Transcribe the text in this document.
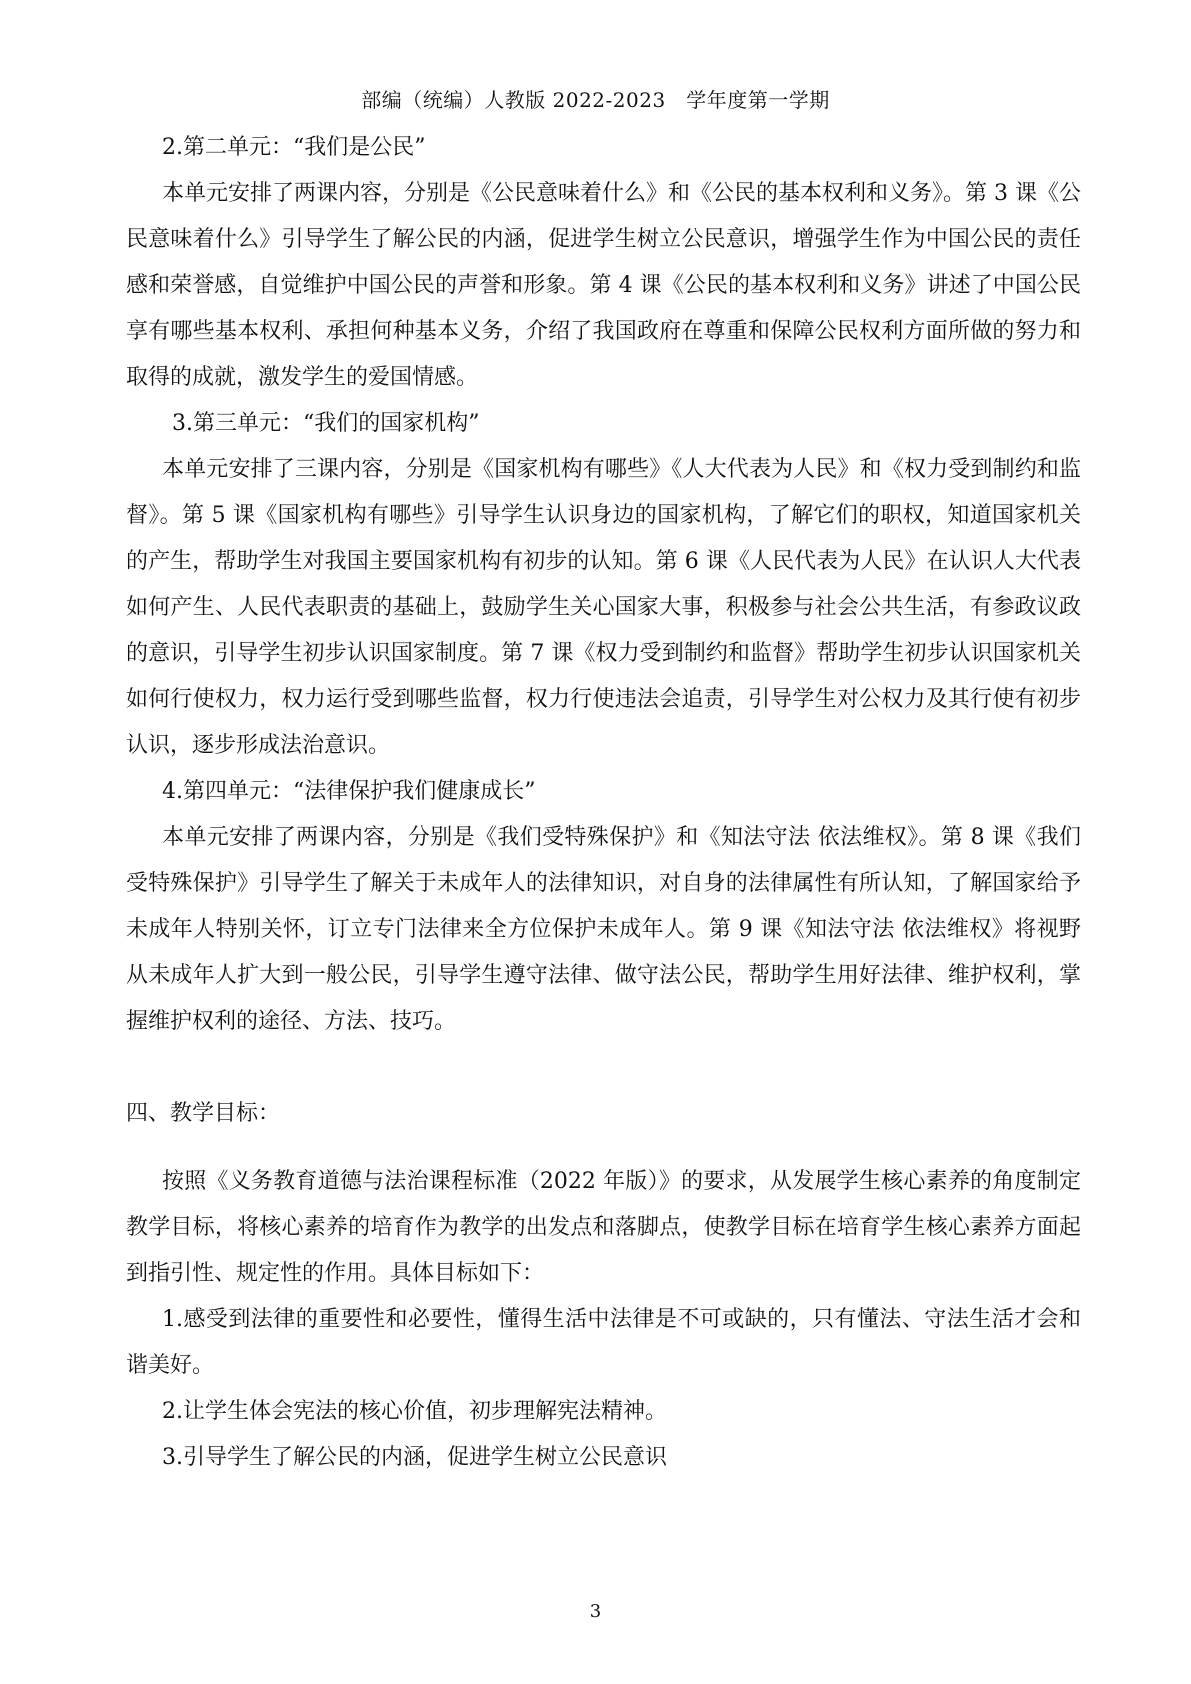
部编（统编）人教版 2022-2023　学年度第一学期

2.第二单元：“我们是公民”

本单元安排了两课内容，分别是《公民意味着什么》和《公民的基本权利和义务》。第 3 课《公民意味着什么》引导学生了解公民的内涵，促进学生树立公民意识，增强学生作为中国公民的责任感和荣誉感，自觉维护中国公民的声誉和形象。第 4 课《公民的基本权利和义务》讲述了中国公民享有哪些基本权利、承担何种基本义务，介绍了我国政府在尊重和保障公民权利方面所做的努力和取得的成就，激发学生的爱国情感。

3.第三单元：“我们的国家机构”

本单元安排了三课内容，分别是《国家机构有哪些》《人大代表为人民》和《权力受到制约和监督》。第 5 课《国家机构有哪些》引导学生认识身边的国家机构，了解它们的职权，知道国家机关的产生，帮助学生对我国主要国家机构有初步的认知。第 6 课《人民代表为人民》在认识人大代表如何产生、人民代表职责的基础上，鼓励学生关心国家大事，积极参与社会公共生活，有参政议政的意识，引导学生初步认识国家制度。第 7 课《权力受到制约和监督》帮助学生初步认识国家机关如何行使权力，权力运行受到哪些监督，权力行使违法会追责，引导学生对公权力及其行使有初步认识，逐步形成法治意识。

4.第四单元：“法律保护我们健康成长”

本单元安排了两课内容，分别是《我们受特殊保护》和《知法守法 依法维权》。第 8 课《我们受特殊保护》引导学生了解关于未成年人的法律知识，对自身的法律属性有所认知，了解国家给予未成年人特别关怀，订立专门法律来全方位保护未成年人。第 9 课《知法守法 依法维权》将视野从未成年人扩大到一般公民，引导学生遵守法律、做守法公民，帮助学生用好法律、维护权利，掌握维护权利的途径、方法、技巧。

四、教学目标：

按照《义务教育道德与法治课程标准（2022 年版）》的要求，从发展学生核心素养的角度制定教学目标，将核心素养的培育作为教学的出发点和落脚点，使教学目标在培育学生核心素养方面起到指引性、规定性的作用。具体目标如下：

1.感受到法律的重要性和必要性，懂得生活中法律是不可或缺的，只有懂法、守法生活才会和谐美好。

2.让学生体会宪法的核心价值，初步理解宪法精神。

3.引导学生了解公民的内涵，促进学生树立公民意识

3
